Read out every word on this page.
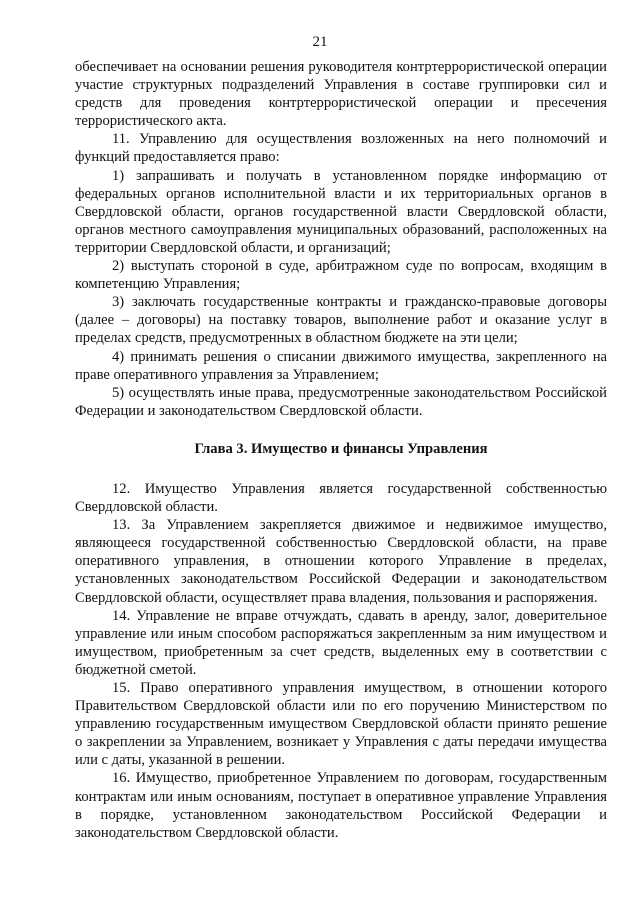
21

обеспечивает на основании решения руководителя контртеррористической операции участие структурных подразделений Управления в составе группировки сил и средств для проведения контртеррористической операции и пресечения террористического акта.

11. Управлению для осуществления возложенных на него полномочий и функций предоставляется право:

1) запрашивать и получать в установленном порядке информацию от федеральных органов исполнительной власти и их территориальных органов в Свердловской области, органов государственной власти Свердловской области, органов местного самоуправления муниципальных образований, расположенных на территории Свердловской области, и организаций;

2) выступать стороной в суде, арбитражном суде по вопросам, входящим в компетенцию Управления;

3) заключать государственные контракты и гражданско-правовые договоры (далее – договоры) на поставку товаров, выполнение работ и оказание услуг в пределах средств, предусмотренных в областном бюджете на эти цели;

4) принимать решения о списании движимого имущества, закрепленного на праве оперативного управления за Управлением;

5) осуществлять иные права, предусмотренные законодательством Российской Федерации и законодательством Свердловской области.

Глава 3. Имущество и финансы Управления

12. Имущество Управления является государственной собственностью Свердловской области.

13. За Управлением закрепляется движимое и недвижимое имущество, являющееся государственной собственностью Свердловской области, на праве оперативного управления, в отношении которого Управление в пределах, установленных законодательством Российской Федерации и законодательством Свердловской области, осуществляет права владения, пользования и распоряжения.

14. Управление не вправе отчуждать, сдавать в аренду, залог, доверительное управление или иным способом распоряжаться закрепленным за ним имуществом и имуществом, приобретенным за счет средств, выделенных ему в соответствии с бюджетной сметой.

15. Право оперативного управления имуществом, в отношении которого Правительством Свердловской области или по его поручению Министерством по управлению государственным имуществом Свердловской области принято решение о закреплении за Управлением, возникает у Управления с даты передачи имущества или с даты, указанной в решении.

16. Имущество, приобретенное Управлением по договорам, государственным контрактам или иным основаниям, поступает в оперативное управление Управления в порядке, установленном законодательством Российской Федерации и законодательством Свердловской области.
